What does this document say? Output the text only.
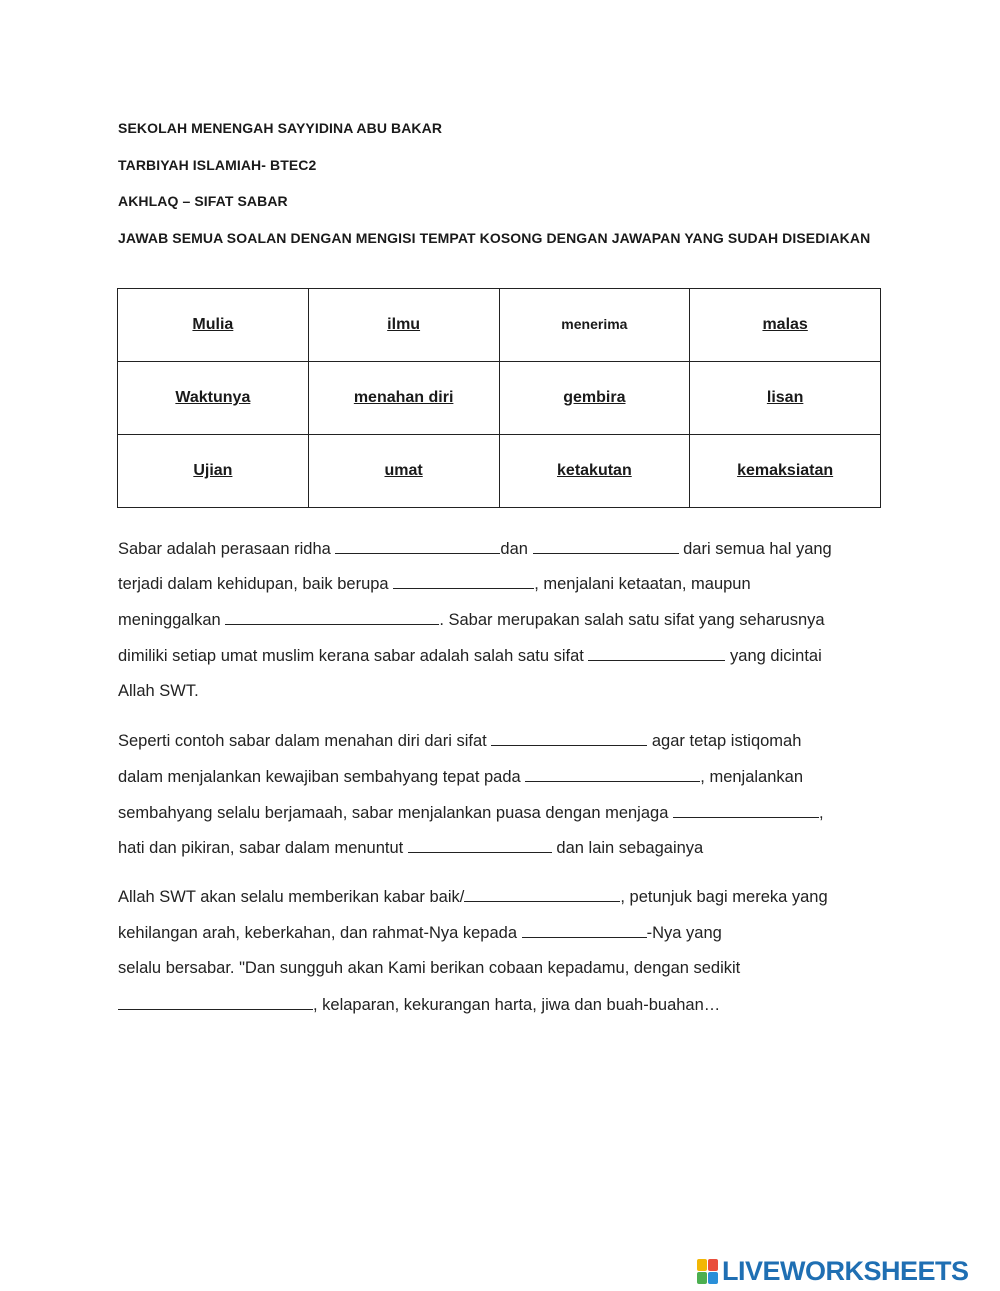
SEKOLAH MENENGAH SAYYIDINA ABU BAKAR
TARBIYAH ISLAMIAH- BTEC2
AKHLAQ – SIFAT SABAR
JAWAB SEMUA SOALAN DENGAN MENGISI TEMPAT KOSONG DENGAN JAWAPAN YANG SUDAH DISEDIAKAN
Mulia	ilmu	menerima	malas
Waktunya	menahan diri	gembira	lisan
Ujian	umat	ketakutan	kemaksiatan
Sabar adalah perasaan ridha	dan	dari semua hal yang
terjadi dalam kehidupan, baik berupa	, menjalani ketaatan, maupun
meninggalkan	. Sabar merupakan salah satu sifat yang seharusnya
dimiliki setiap umat muslim kerana sabar adalah salah satu sifat	yang dicintai
Allah SWT.
Seperti contoh sabar dalam menahan diri dari sifat	agar tetap istiqomah
dalam menjalankan kewajiban sembahyang tepat pada	, menjalankan
sembahyang selalu berjamaah, sabar menjalankan puasa dengan menjaga	,
hati dan pikiran, sabar dalam menuntut	dan lain sebagainya
Allah SWT akan selalu memberikan kabar baik/	, petunjuk bagi mereka yang
kehilangan arah, keberkahan, dan rahmat-Nya kepada	-Nya yang
selalu bersabar. "Dan sungguh akan Kami berikan cobaan kepadamu, dengan sedikit
, kelaparan, kekurangan harta, jiwa dan buah-buahan…
LIVEWORKSHEETS
